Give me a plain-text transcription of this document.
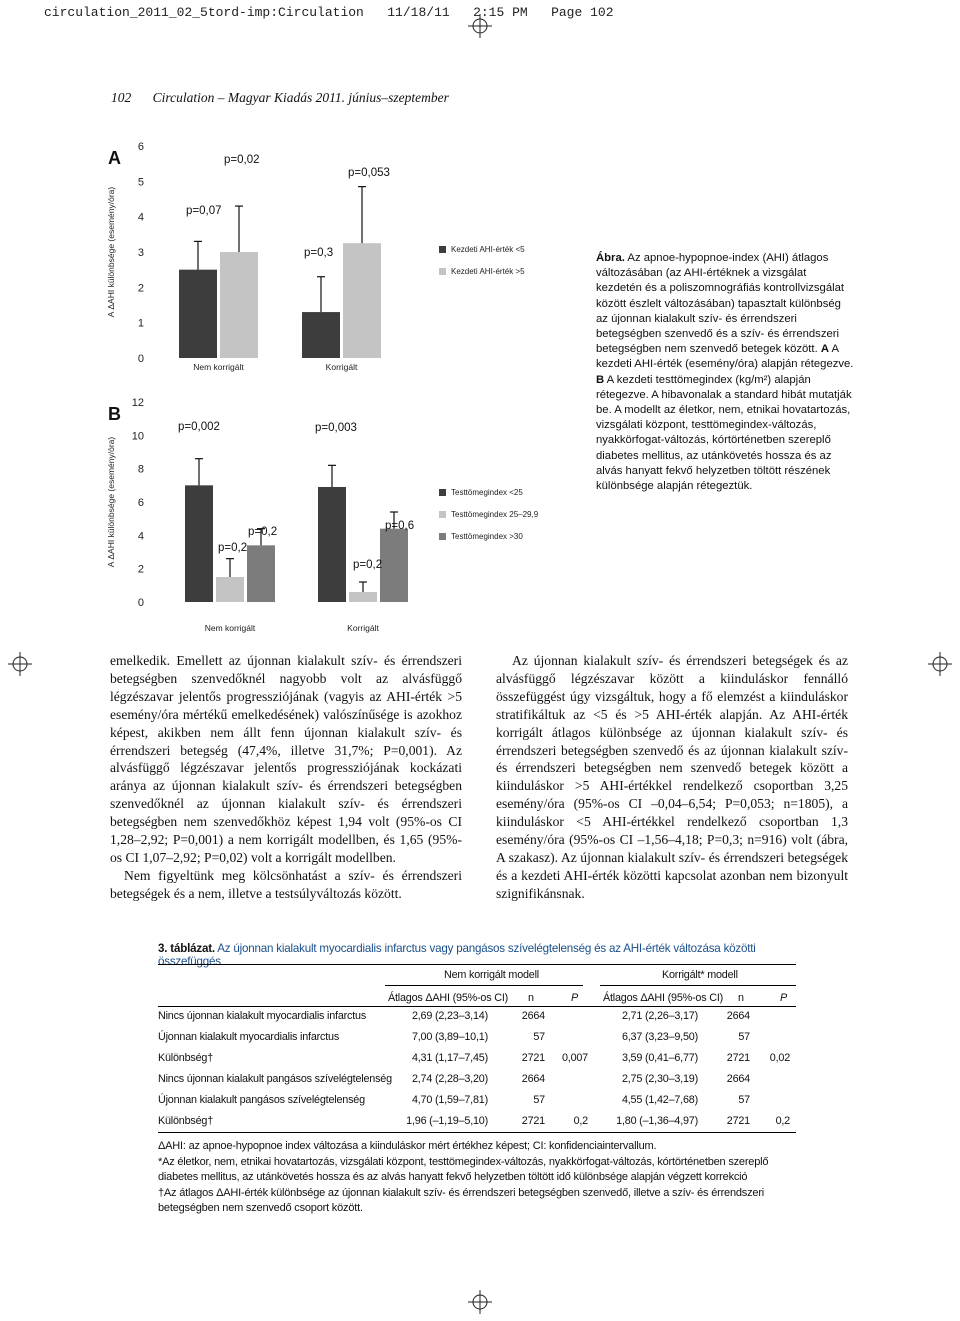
circulation_2011_02_5tord-imp:Circulation   11/18/11   2:15 PM   Page 102
102 Circulation – Magyar Kiadás 2011. június–szeptember
A
A ΔAHI különbsége (esemény/óra)
0
1
2
3
4
5
6
p=0,07
p=0,02
p=0,3
p=0,053
Nem korrigált	Korrigált
Kezdeti AHI-érték <5
Kezdeti AHI-érték >5
B
A ΔAHI különbsége (esemény/óra)
0
2
4
6
8
10
12
p=0,002
p=0,2
p=0,2
p=0,003
p=0,2
p=0,6
Nem korrigált	Korrigált
Testtömegindex <25
Testtömegindex 25–29,9
Testtömegindex >30
Ábra. Az apnoe-hypopnoe-index (AHI) átlagos változásában (az AHI-értéknek a vizsgálat kezdetén és a poliszomnográfiás kontrollvizsgálat között észlelt változásában) tapasztalt különbség az újonnan kialakult szív- és érrendszeri betegségben szenvedő és a szív- és érrendszeri betegségben nem szenvedő betegek között. A A kezdeti AHI-érték (esemény/óra) alapján rétegezve. B A kezdeti testtömegindex (kg/m²) alapján rétegezve. A hibavonalak a standard hibát mutatják be. A modellt az életkor, nem, etnikai hovatartozás, vizsgálati központ, testtömegindex-változás, nyakkörfogat-változás, kórtörténetben szereplő diabetes mellitus, az utánkövetés hossza és az alvás hanyatt fekvő helyzetben töltött részének különbsége alapján rétegeztük.

emelkedik. Emellett az újonnan kialakult szív- és érrendszeri betegségben szenvedőknél nagyobb volt az alvásfüggő légzészavar jelentős progressziójának (vagyis az AHI-érték >5 esemény/óra mértékű emelkedésének) valószínűsége is azokhoz képest, akikben nem állt fenn újonnan kialakult szív- és érrendszeri betegség (47,4%, illetve 31,7%; P=0,001). Az alvásfüggő légzészavar jelentős progressziójának kockázati aránya az újonnan kialakult szív- és érrendszeri betegségben szenvedőknél az újonnan kialakult szív- és érrendszeri betegségben nem szenvedőkhöz képest 1,94 volt (95%-os CI 1,28–2,92; P=0,001) a nem korrigált modellben, és 1,65 (95%-os CI 1,07–2,92; P=0,02) volt a korrigált modellben.

Nem figyeltünk meg kölcsönhatást a szív- és érrendszeri betegségek és a nem, illetve a testsúlyváltozás között.

Az újonnan kialakult szív- és érrendszeri betegségek és az alvásfüggő légzészavar között a kiinduláskor fennálló összefüggést úgy vizsgáltuk, hogy a fő elemzést a kiinduláskor stratifikáltuk az <5 és >5 AHI-érték alapján. Az AHI-érték korrigált átlagos különbsége az újonnan kialakult szív- és érrendszeri betegségben szenvedő és az újonnan kialakult szív- és érrendszeri betegségben nem szenvedő betegek között a kiinduláskor >5 AHI-értékkel rendelkező csoportban 3,25 esemény/óra (95%-os CI –0,04–6,54; P=0,053; n=1805), a kiinduláskor <5 AHI-értékkel rendelkező csoportban 1,3 esemény/óra (95%-os CI –1,56–4,18; P=0,3; n=916) volt (ábra, A szakasz). Az újonnan kialakult szív- és érrendszeri betegségek és a kezdeti AHI-érték közötti kapcsolat azonban nem bizonyult szignifikánsnak.

3. táblázat. Az újonnan kialakult myocardialis infarctus vagy pangásos szívelégtelenség és az AHI-érték változása közötti összefüggés
Nem korrigált modell	Korrigált* modell
Átlagos ΔAHI (95%-os CI) n	P Átlagos ΔAHI (95%-os CI) n	P
Nincs újonnan kialakult myocardialis infarctus	2,69 (2,23–3,14)	2664	2,71 (2,26–3,17)	2664
Újonnan kialakult myocardialis infarctus	7,00 (3,89–10,1)	57	6,37 (3,23–9,50)	57
Különbség†	4,31 (1,17–7,45)	2721	0,007	3,59 (0,41–6,77)	2721	0,02
Nincs újonnan kialakult pangásos szívelégtelenség	2,74 (2,28–3,20)	2664	2,75 (2,30–3,19)	2664
Újonnan kialakult pangásos szívelégtelenség	4,70 (1,59–7,81)	57	4,55 (1,42–7,68)	57
Különbség†	1,96 (–1,19–5,10)	2721	0,2	1,80 (–1,36–4,97)	2721	0,2
ΔAHI: az apnoe-hypopnoe index változása a kiinduláskor mért értékhez képest; CI: konfidenciaintervallum.
*Az életkor, nem, etnikai hovatartozás, vizsgálati központ, testtömegindex-változás, nyakkörfogat-változás, kórtörténetben szereplő diabetes mellitus, az utánkövetés hossza és az alvás hanyatt fekvő helyzetben töltött idő különbsége alapján végzett korrekció
†Az átlagos ΔAHI-érték különbsége az újonnan kialakult szív- és érrendszeri betegségben szenvedő, illetve a szív- és érrendszeri betegségben nem szenvedő csoport között.
